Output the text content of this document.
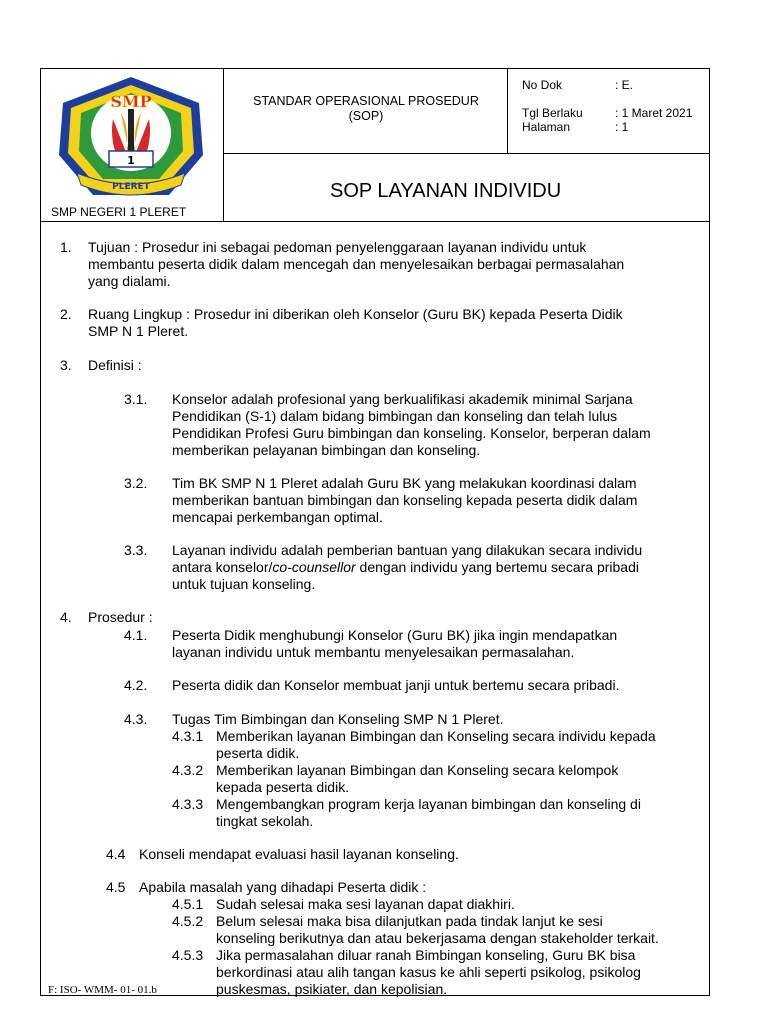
1
SMP
PLERET
SMP NEGERI 1 PLERET
STANDAR OPERASIONAL PROSEDUR
(SOP)
No Dok	: E.
Tgl Berlaku	: 1 Maret 2021
Halaman	: 1
SOP LAYANAN INDIVIDU
1. Tujuan : Prosedur ini sebagai pedoman penyelenggaraan layanan individu untuk
membantu peserta didik dalam mencegah dan menyelesaikan berbagai permasalahan
yang dialami.
2. Ruang Lingkup : Prosedur ini diberikan oleh Konselor (Guru BK) kepada Peserta Didik
SMP N 1 Pleret.
3. Definisi :
3.1. Konselor adalah profesional yang berkualifikasi akademik minimal Sarjana
Pendidikan (S-1) dalam bidang bimbingan dan konseling dan telah lulus
Pendidikan Profesi Guru bimbingan dan konseling. Konselor, berperan dalam
memberikan pelayanan bimbingan dan konseling.
3.2. Tim BK SMP N 1 Pleret adalah Guru BK yang melakukan koordinasi dalam
memberikan bantuan bimbingan dan konseling kepada peserta didik dalam
mencapai perkembangan optimal.
3.3. Layanan individu adalah pemberian bantuan yang dilakukan secara individu
antara konselor/co-counsellor dengan individu yang bertemu secara pribadi
untuk tujuan konseling.
4. Prosedur :
4.1. Peserta Didik menghubungi Konselor (Guru BK) jika ingin mendapatkan
layanan individu untuk membantu menyelesaikan permasalahan.
4.2. Peserta didik dan Konselor membuat janji untuk bertemu secara pribadi.
4.3. Tugas Tim Bimbingan dan Konseling SMP N 1 Pleret.
4.3.1 Memberikan layanan Bimbingan dan Konseling secara individu kepada
peserta didik.
4.3.2 Memberikan layanan Bimbingan dan Konseling secara kelompok
kepada peserta didik.
4.3.3 Mengembangkan program kerja layanan bimbingan dan konseling di
tingkat sekolah.
4.4 Konseli mendapat evaluasi hasil layanan konseling.
4.5 Apabila masalah yang dihadapi Peserta didik :
4.5.1 Sudah selesai maka sesi layanan dapat diakhiri.
4.5.2 Belum selesai maka bisa dilanjutkan pada tindak lanjut ke sesi
konseling berikutnya dan atau bekerjasama dengan stakeholder terkait.
4.5.3 Jika permasalahan diluar ranah Bimbingan konseling, Guru BK bisa
berkordinasi atau alih tangan kasus ke ahli seperti psikolog, psikolog
puskesmas, psikiater, dan kepolisian.
F: ISO- WMM- 01- 01.b
